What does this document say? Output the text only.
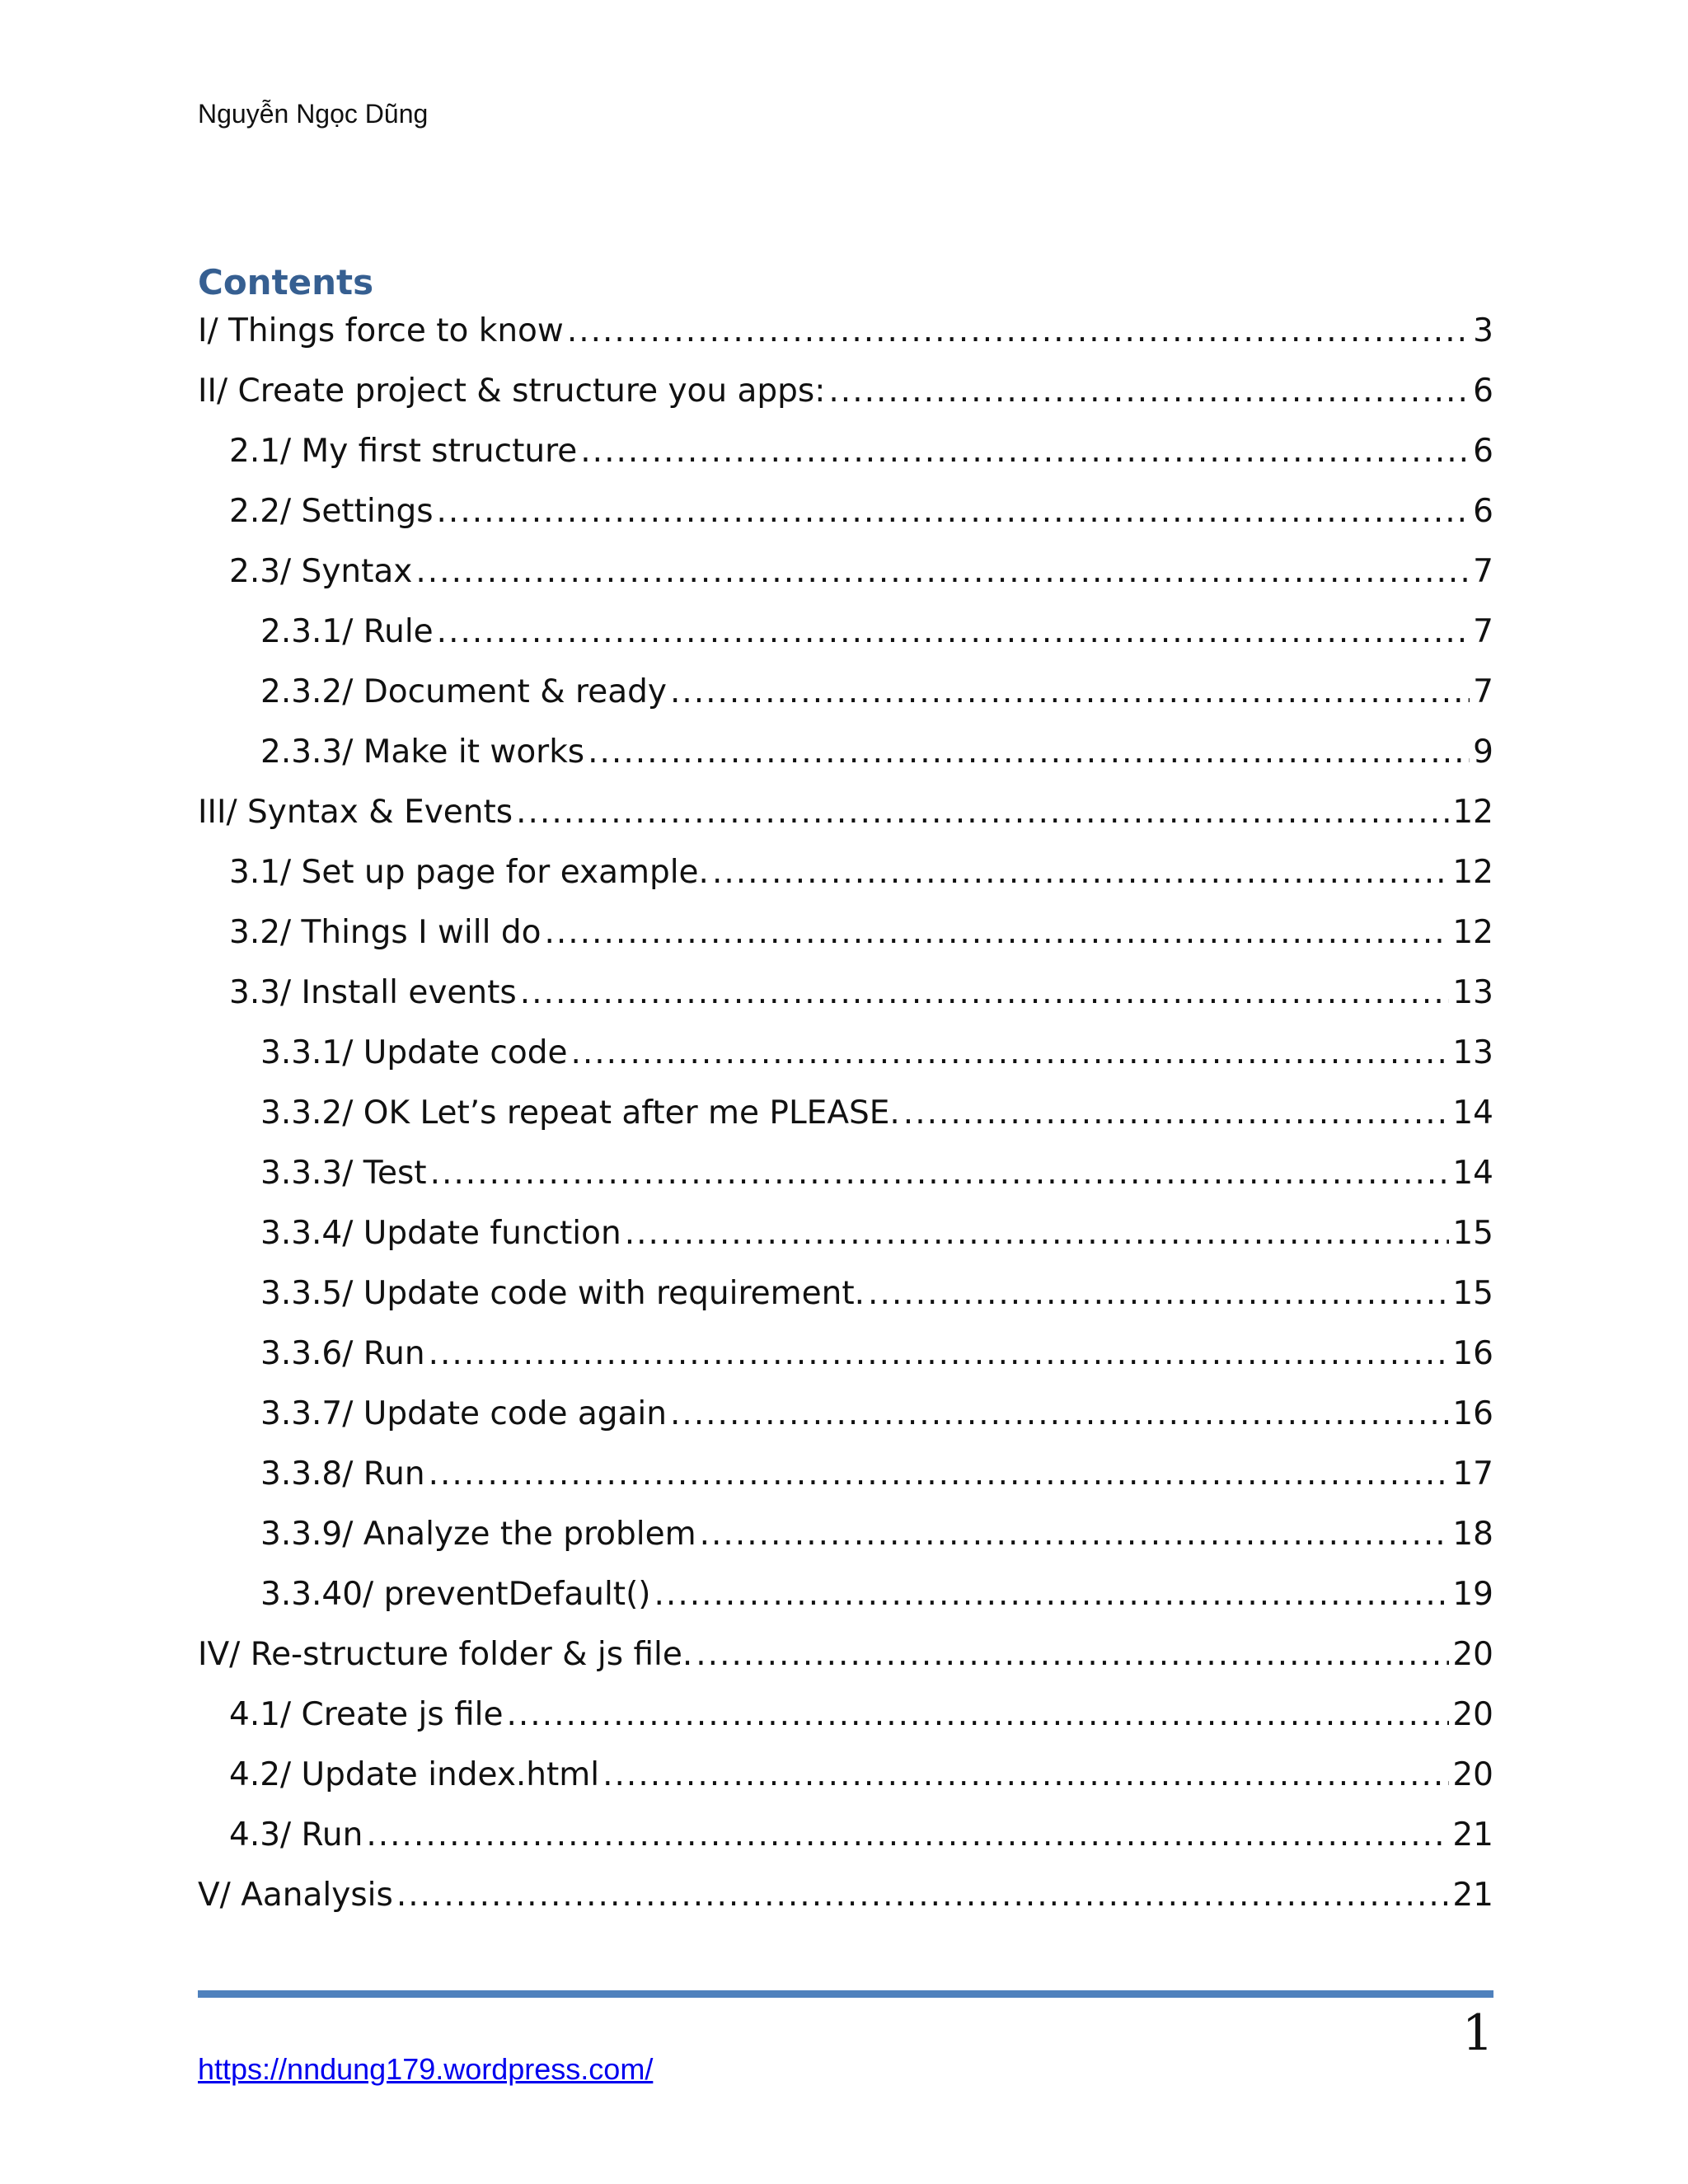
Nguyễn Ngọc Dũng
Contents
I/ Things force to know .....	3
II/ Create project & structure you apps: .....	6
2.1/ My first structure .....	6
2.2/ Settings .....	6
2.3/ Syntax .....	7
2.3.1/ Rule .....	7
2.3.2/ Document & ready .....	7
2.3.3/ Make it works .....	9
III/ Syntax & Events .....	12
3.1/ Set up page for example. .....	12
3.2/ Things I will do .....	12
3.3/ Install events .....	13
3.3.1/ Update code .....	13
3.3.2/ OK Let’s repeat after me PLEASE. .....	14
3.3.3/ Test .....	14
3.3.4/ Update function .....	15
3.3.5/ Update code with requirement. .....	15
3.3.6/ Run .....	16
3.3.7/ Update code again .....	16
3.3.8/ Run .....	17
3.3.9/ Analyze the problem .....	18
3.3.40/ preventDefault() .....	19
IV/ Re-structure folder & js file. .....	20
4.1/ Create js file .....	20
4.2/ Update index.html .....	20
4.3/ Run .....	21
V/ Aanalysis .....	21
1
https://nndung179.wordpress.com/
